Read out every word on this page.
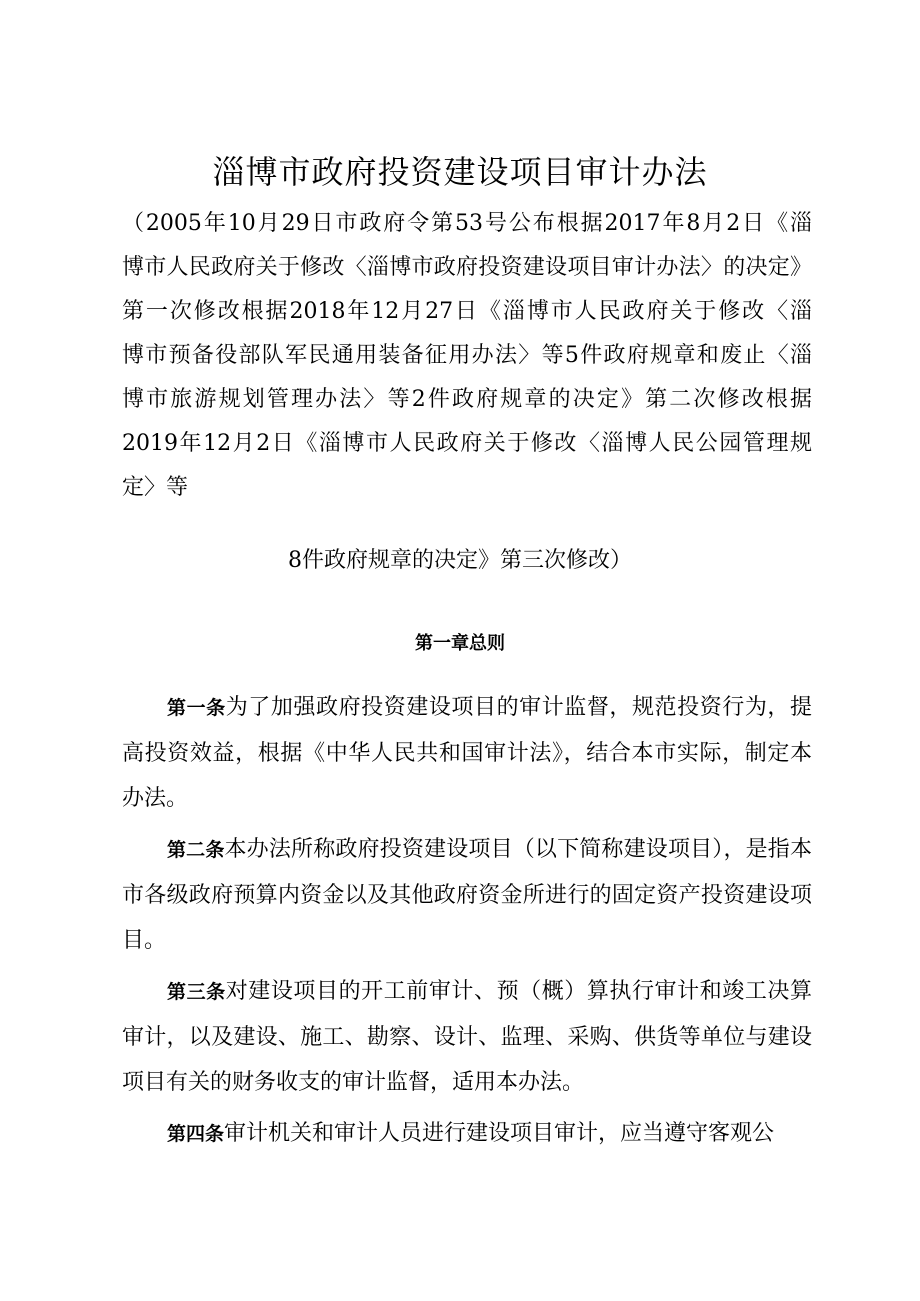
淄博市政府投资建设项目审计办法
（2005年10月29日市政府令第53号公布根据2017年8月2日《淄
博市人民政府关于修改〈淄博市政府投资建设项目审计办法〉的决定》
第一次修改根据2018年12月27日《淄博市人民政府关于修改〈淄
博市预备役部队军民通用装备征用办法〉等5件政府规章和废止〈淄
博市旅游规划管理办法〉等2件政府规章的决定》第二次修改根据
2019年12月2日《淄博市人民政府关于修改〈淄博人民公园管理规
定〉等
8件政府规章的决定》第三次修改）
第一章总则

第一条为了加强政府投资建设项目的审计监督，规范投资行为，提高投资效益，根据《中华人民共和国审计法》，结合本市实际，制定本办法。

第二条本办法所称政府投资建设项目（以下简称建设项目），是指本市各级政府预算内资金以及其他政府资金所进行的固定资产投资建设项目。

第三条对建设项目的开工前审计、预（概）算执行审计和竣工决算审计，以及建设、施工、勘察、设计、监理、采购、供货等单位与建设项目有关的财务收支的审计监督，适用本办法。

第四条审计机关和审计人员进行建设项目审计，应当遵守客观公
